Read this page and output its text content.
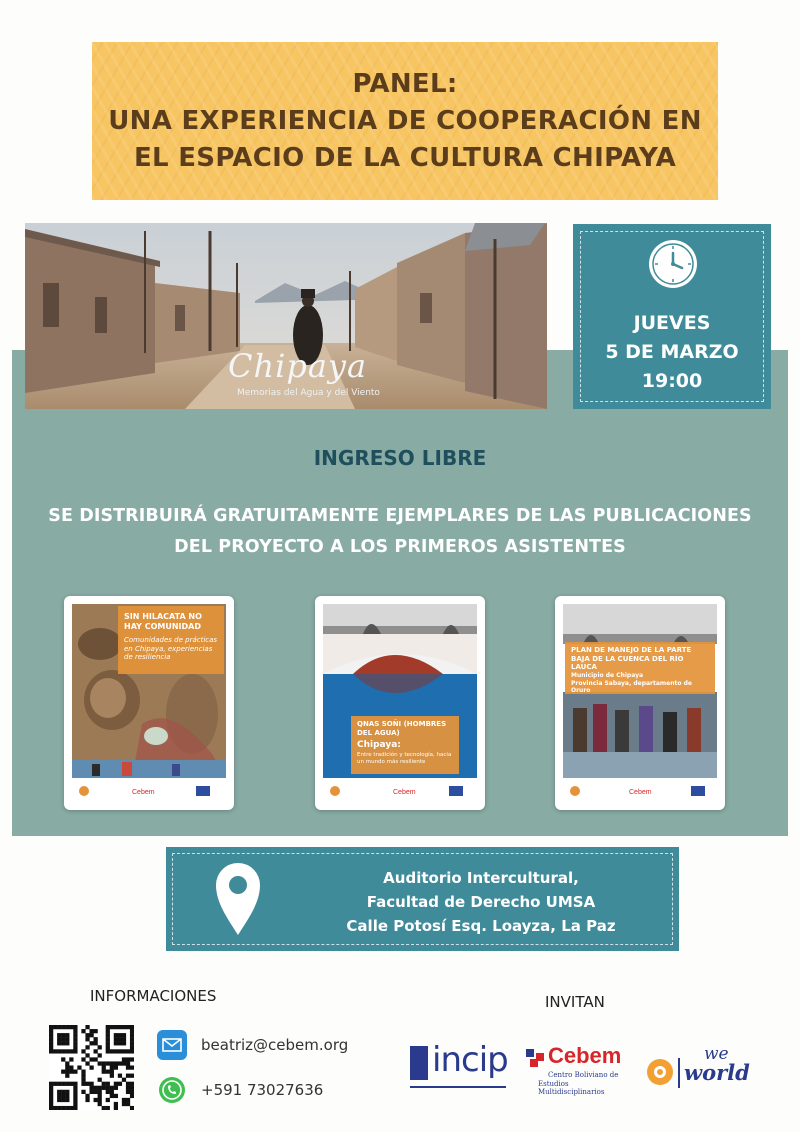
PANEL:
UNA EXPERIENCIA DE COOPERACIÓN EN
EL ESPACIO DE LA CULTURA CHIPAYA
Chipaya
Memorias del Agua y del Viento
JUEVES
5 DE MARZO
19:00
INGRESO LIBRE
SE DISTRIBUIRÁ GRATUITAMENTE EJEMPLARES DE LAS PUBLICACIONES
DEL PROYECTO A LOS PRIMEROS ASISTENTES
SIN HILACATA NO HAY COMUNIDAD
Comunidades de prácticas en Chipaya, experiencias de resiliencia
Cebem
QNAS SOÑI (HOMBRES DEL AGUA)
Chipaya:
Entre tradición y tecnología, hacia un mundo más resiliente
Cebem
PLAN DE MANEJO DE LA PARTE BAJA DE LA CUENCA DEL RÍO LAUCA
Municipio de Chipaya
Provincia Sabaya, departamento de Oruro
Cebem
Auditorio Intercultural,
Facultad de Derecho UMSA
Calle Potosí Esq. Loayza, La Paz
INFORMACIONES
beatriz@cebem.org
+591 73027636
INVITAN
incip Cebem
Centro Boliviano de
Estudios Multidisciplinarios
we
world
